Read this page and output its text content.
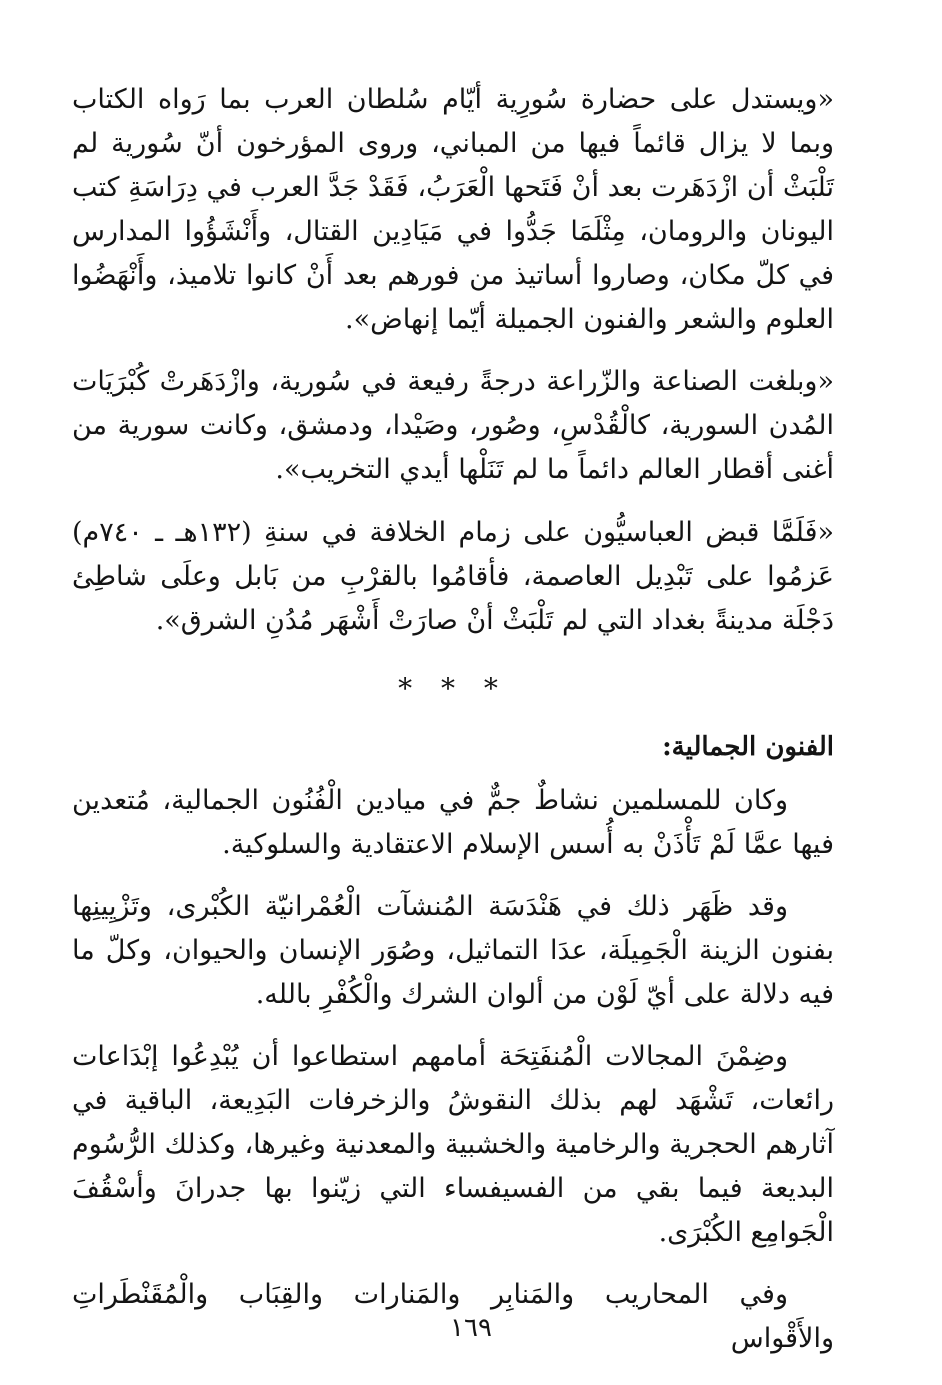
«ويستدل على حضارة سُورِية أيّام سُلطان العرب بما رَواه الكتاب وبما لا يزال قائماً فيها من المباني، وروى المؤرخون أنّ سُورية لم تَلْبَثْ أن ازْدَهَرت بعد أنْ فَتَحها الْعَرَبُ، فَقَدْ جَدَّ العرب في دِرَاسَةِ كتب اليونان والرومان، مِثْلَمَا جَدُّوا في مَيَادِين القتال، وأَنْشَؤُوا المدارس في كلّ مكان، وصاروا أساتيذ من فورهم بعد أَنْ كانوا تلاميذ، وأَنْهَضُوا العلوم والشعر والفنون الجميلة أيّما إنهاض».

«وبلغت الصناعة والزّراعة درجةً رفيعة في سُورية، وازْدَهَرتْ كُبْرَيَات المُدن السورية، كالْقُدْسِ، وصُور، وصَيْدا، ودمشق، وكانت سورية من أغنى أقطار العالم دائماً ما لم تَنَلْها أيدي التخريب».

«فَلَمَّا قبض العباسيُّون على زمام الخلافة في سنةِ (١٣٢هـ ـ ٧٤٠م) عَزمُوا على تَبْدِيل العاصمة، فأقامُوا بالقرْبِ من بَابل وعلَى شاطِئ دَجْلَة مدينةً بغداد التي لم تَلْبَثْ أنْ صارَتْ أَشْهَر مُدُنِ الشرق».

* * *
الفنون الجمالية:

وكان للمسلمين نشاطٌ جمٌّ في ميادين الْفُنُون الجمالية، مُتعدين فيها عمَّا لَمْ تَأْذَنْ به أُسس الإسلام الاعتقادية والسلوكية.

وقد ظَهَر ذلك في هَنْدَسَة المُنشآت الْعُمْرانيّة الكُبْرى، وتَزْيِينِها بفنون الزينة الْجَمِيلَة، عدَا التماثيل، وصُوَر الإنسان والحيوان، وكلّ ما فيه دلالة على أيّ لَوْن من ألوان الشرك والْكُفْرِ بالله.

وضِمْنَ المجالات الْمُنفَتِحَة أمامهم استطاعوا أن يُبْدِعُوا إبْدَاعات رائعات، تَشْهَد لهم بذلك النقوشُ والزخرفات البَدِيعة، الباقية في آثارهم الحجرية والرخامية والخشبية والمعدنية وغيرها، وكذلك الرُّسُوم البديعة فيما بقي من الفسيفساء التي زيّنوا بها جدرانَ وأسْقُفَ الْجَوامِع الكُبْرَى.

وفي المحاريب والمَنابِر والمَنارات والقِبَاب والْمُقَنْطَراتِ والأَقْواس

١٦٩
